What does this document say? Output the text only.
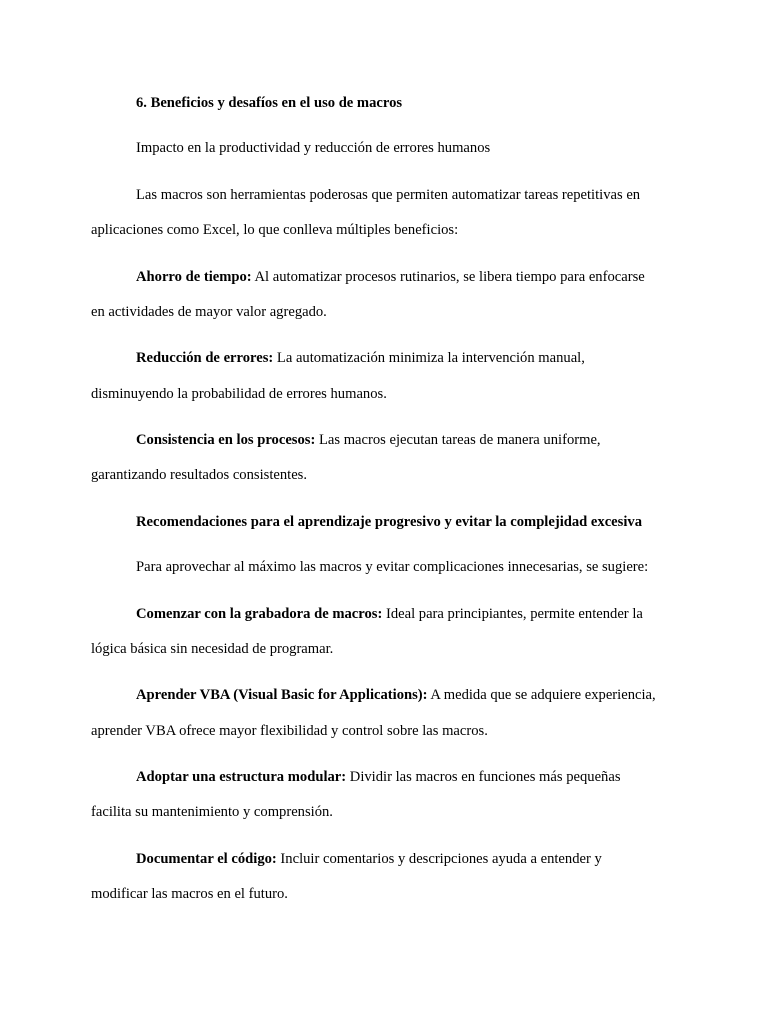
6. Beneficios y desafíos en el uso de macros

Impacto en la productividad y reducción de errores humanos

Las macros son herramientas poderosas que permiten automatizar tareas repetitivas en

aplicaciones como Excel, lo que conlleva múltiples beneficios:

Ahorro de tiempo: Al automatizar procesos rutinarios, se libera tiempo para enfocarse

en actividades de mayor valor agregado.

Reducción de errores: La automatización minimiza la intervención manual,

disminuyendo la probabilidad de errores humanos.

Consistencia en los procesos: Las macros ejecutan tareas de manera uniforme,

garantizando resultados consistentes.

Recomendaciones para el aprendizaje progresivo y evitar la complejidad excesiva

Para aprovechar al máximo las macros y evitar complicaciones innecesarias, se sugiere:

Comenzar con la grabadora de macros: Ideal para principiantes, permite entender la

lógica básica sin necesidad de programar.

Aprender VBA (Visual Basic for Applications): A medida que se adquiere experiencia,

aprender VBA ofrece mayor flexibilidad y control sobre las macros.

Adoptar una estructura modular: Dividir las macros en funciones más pequeñas

facilita su mantenimiento y comprensión.

Documentar el código: Incluir comentarios y descripciones ayuda a entender y

modificar las macros en el futuro.
